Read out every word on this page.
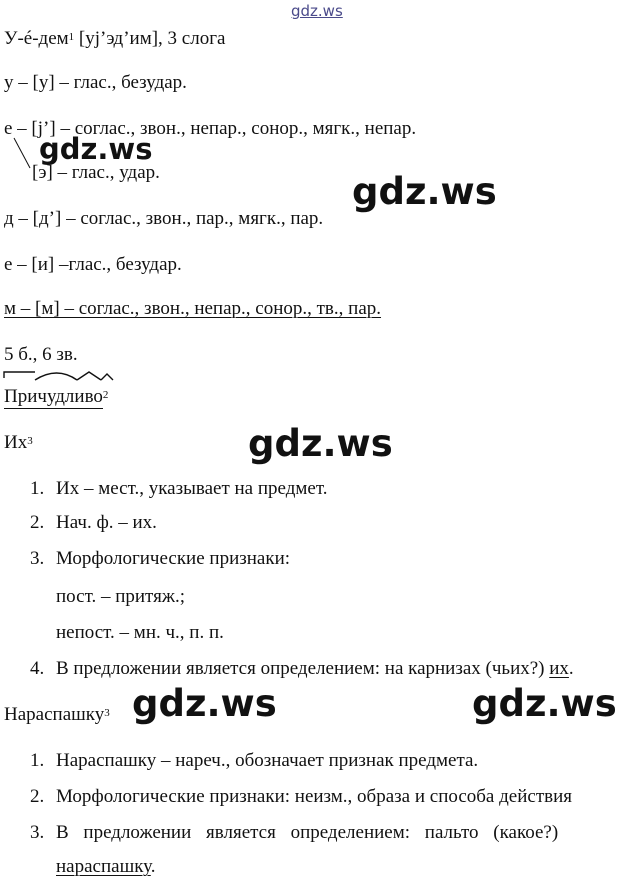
gdz.ws
У-é-дем$^1$ [уj’эд’им], 3 слога
у – [у] – глас., безудар.
е – [j’] – соглас., звон., непар., сонор., мягк., непар.
gdz.ws
[э] – глас., удар.	gdz.ws
д – [д’] – соглас., звон., пар., мягк., пар.
е – [и] –глас., безудар.
м – [м] – соглас., звон., непар., сонор., тв., пар.
5 б., 6 зв.
Причудливо$^2$
$Их^3$	gdz.ws
1. Их – мест., указывает на предмет.
2. Нач. ф. – их.
3. Морфологические признаки:
пост. – притяж.;
непост. – мн. ч., п. п.
4. В предложении является определением: на карнизах (чьих?) их.
Нараспашку$^3$ gdz.ws	gdz.ws
1. Нараспашку – нареч., обозначает признак предмета.
2. Морфологические признаки: неизм., образа и способа действия
3. В предложении является определением: пальто (какое?)
нараспашку.
